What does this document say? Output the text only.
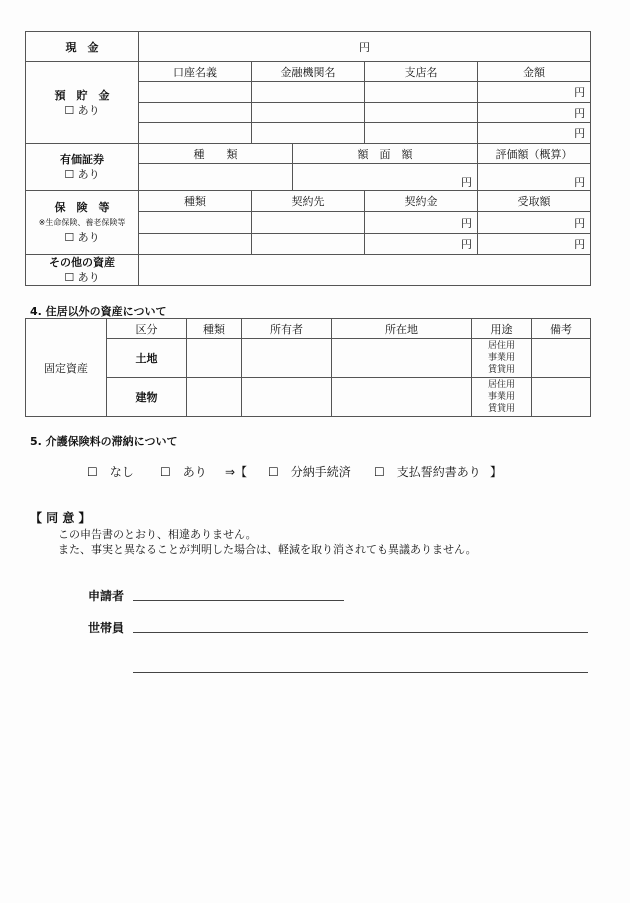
現　金	円				

預　貯　金
☐ あり	口座名義	金融機関名		支店名	金額
					円
					円
					円

有価証券
☐ あり	種　　類		額　面　額		評価額（概算）
			円		円

保　険　等
※生命保険、養老保険等
☐ あり	種類	契約先		契約金	受取額
				円	円
				円	円

その他の資産
☐ あり					

4. 住居以外の資産について
固定資産	区分	種類	所有者	所在地	用途	備考
	土地				居住用
事業用
賃貸用	

	建物				居住用
事業用
賃貸用	

5. 介護保険料の滞納について
☐　なし ☐　あり ⇒【 ☐　分納手続済 ☐　支払誓約書あり 】
【 同 意 】
この申告書のとおり、相違ありません。
また、事実と異なることが判明した場合は、軽減を取り消されても異議ありません。
申請者
世帯員
